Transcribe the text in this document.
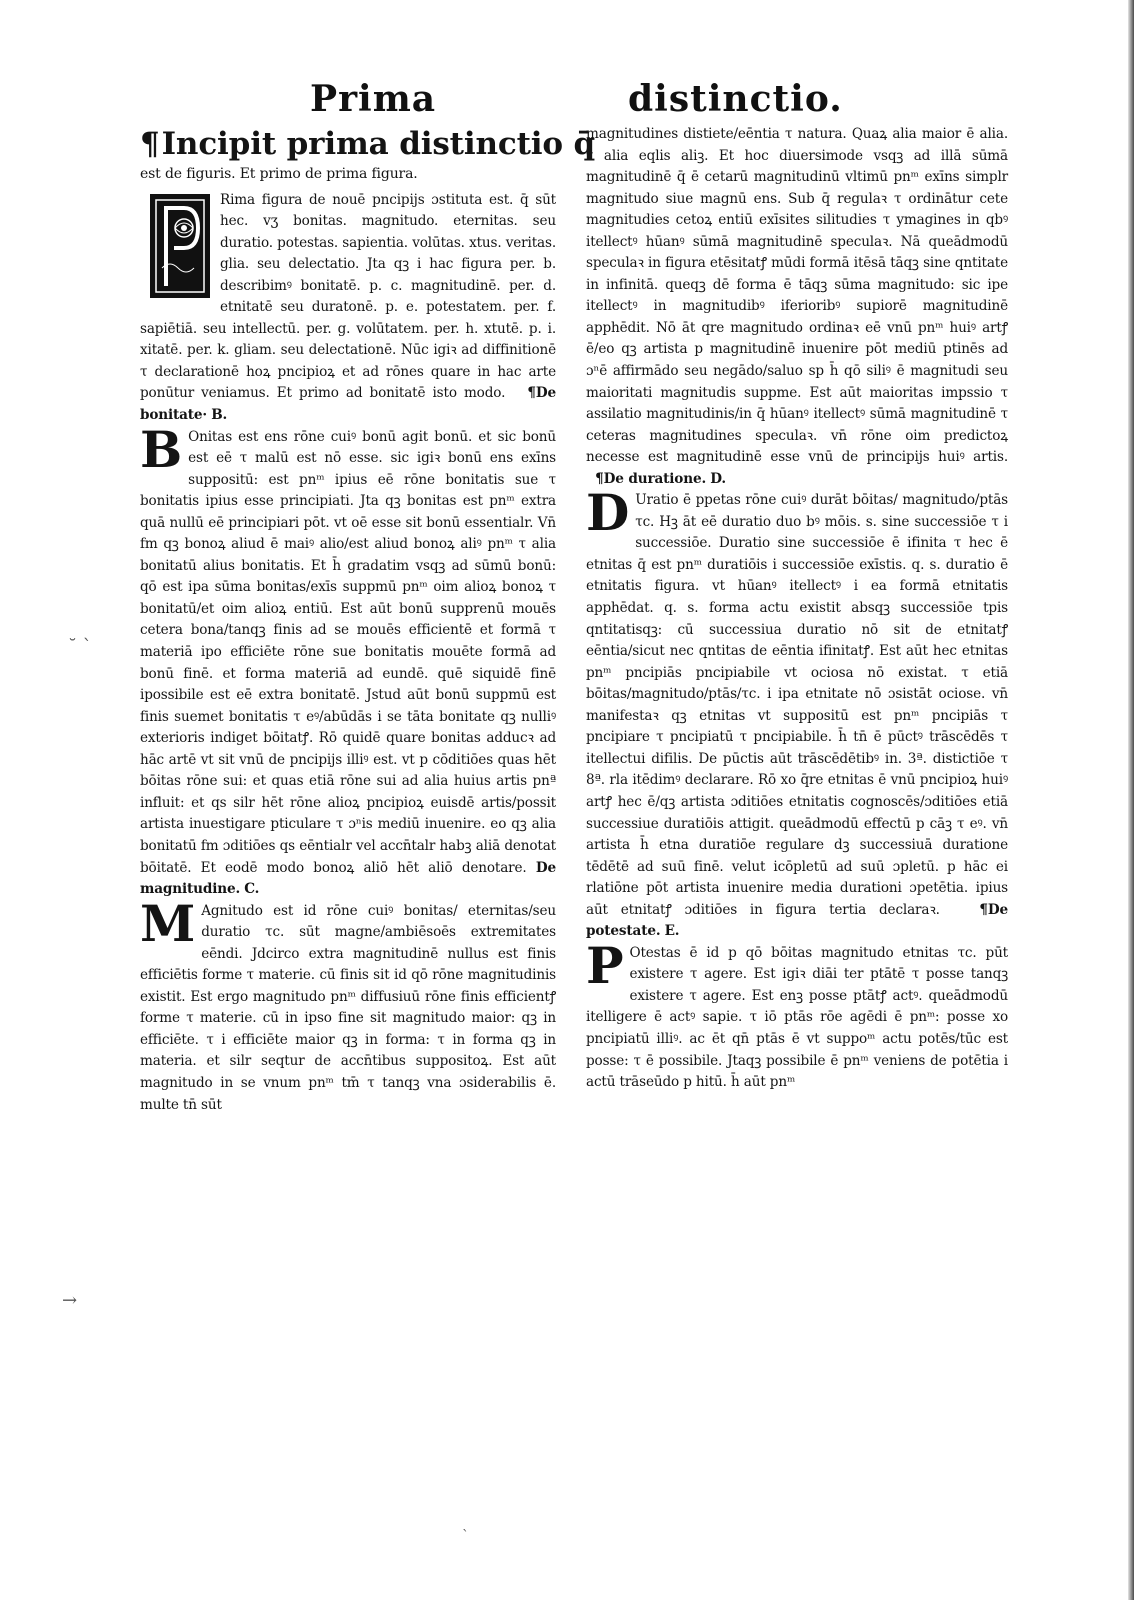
Prima	distinctio.

¶Incipit prima distinctio q̄

est de figuris. Et primo de prima figura.

Rima figura de nouē pncipijs ɔstituta est. q̄ sūt hec. vʒ bonitas. magnitudo. eternitas. seu duratio. potestas. sapientia. volūtas. xtus. veritas. glia. seu delectatio. Jta qꝫ i hac figura per. b. describimꝰ bonitatē. p. c. magnitudinē. per. d. etnitatē seu duratonē. p. e. potestatem. per. f. sapiētiā. seu intellectū. per. g. volūtatem. per. h. xtutē. p. i. xitatē. per. k. gliam. seu delectationē. Nūc igiꝛ ad diffinitionē τ declarationē hoꝝ pncipioꝝ et ad rōnes quare in hac arte ponūtur veniamus. Et primo ad bonitatē isto modo. ¶De bonitate· B.

B Onitas est ens rōne cuiꝰ bonū agit bonū. et sic bonū est eē τ malū est nō esse. sic igiꝛ bonū ens exīns suppositū: est pnᵐ ipius eē rōne bonitatis sue τ bonitatis ipius esse principiati. Jta qꝫ bonitas est pnᵐ extra quā nullū eē principiari pōt. vt oē esse sit bonū essentialr. Vn̄ fm qꝫ bonoꝝ aliud ē maiꝰ alio/est aliud bonoꝝ aliꝰ pnᵐ τ alia bonitatū alius bonitatis. Et h̄ gradatim vsqꝫ ad sūmū bonū: qō est ipa sūma bonitas/exīs suppmū pnᵐ oim alioꝝ bonoꝝ τ bonitatū/et oim alioꝝ entiū. Est aūt bonū supprenū mouēs cetera bona/tanqꝫ finis ad se mouēs efficientē et formā τ materiā ipo efficiēte rōne sue bonitatis mouēte formā ad bonū finē. et forma materiā ad eundē. quē siquidē finē ipossibile est eē extra bonitatē. Jstud aūt bonū suppmū est finis suemet bonitatis τ eꝰ/abūdās i se tāta bonitate qꝫ nulliꝰ exterioris indiget bōitatꝭ. Rō quidē quare bonitas adducꝛ ad hāc artē vt sit vnū de pncipijs illiꝰ est. vt p cōditiōes quas hēt bōitas rōne sui: et quas etiā rōne sui ad alia huius artis pnª influit: et qs silr hēt rōne alioꝝ pncipioꝝ euisdē artis/possit artista inuestigare pticulare τ ɔⁿis mediū inuenire. eo qꝫ alia bonitatū fm ɔditiōes qs eēntialr vel accn̄talr habꝫ aliā denotat bōitatē. Et eodē modo bonoꝝ aliō hēt aliō denotare. De magnitudine. C.

M Agnitudo est id rōne cuiꝰ bonitas/ eternitas/seu duratio τc. sūt magne/ambiēsoēs extremitates eēndi. Jdcirco extra magnitudinē nullus est finis efficiētis forme τ materie. cū finis sit id qō rōne magnitudinis existit. Est ergo magnitudo pnᵐ diffusiuū rōne finis efficientꝭ forme τ materie. cū in ipso fine sit magnitudo maior: qꝫ in efficiēte. τ i efficiēte maior qꝫ in forma: τ in forma qꝫ in materia. et silr seqtur de accn̄tibus suppositoꝝ. Est aūt magnitudo in se vnum pnᵐ tm̄ τ tanqꝫ vna ɔsiderabilis ē. multe tn̄ sūt

magnitudines distiete/eēntia τ natura. Quaꝝ alia maior ē alia. τ alia eqlis aliꝫ. Et hoc diuersimode vsqꝫ ad illā sūmā magnitudinē q̄ ē cetarū magnitudinū vltimū pnᵐ exīns simplr magnitudo siue magnū ens. Sub q̄ regulaꝛ τ ordinātur cete magnitudies cetoꝝ entiū exīsites silitudies τ ymagines in qbꝰ itellectꝰ hūanꝰ sūmā magnitudinē speculaꝛ. Nā queādmodū speculaꝛ in figura etēsitatꝭ mūdi formā itēsā tāqꝫ sine qntitate in infinitā. queqꝫ dē forma ē tāqꝫ sūma magnitudo: sic ipe itellectꝰ in magnitudibꝰ iferioribꝰ supiorē magnitudinē apphēdit. Nō āt qre magnitudo ordinaꝛ eē vnū pnᵐ huiꝰ artꝭ ē/eo qꝫ artista p magnitudinē inuenire pōt mediū ptinēs ad ɔⁿē affirmādo seu negādo/saluo sp h̄ qō siliꝰ ē magnitudi seu maioritati magnitudis suppme. Est aūt maioritas impssio τ assilatio magnitudinis/in q̄ hūanꝰ itellectꝰ sūmā magnitudinē τ ceteras magnitudines speculaꝛ. vn̄ rōne oim predictoꝝ necesse est magnitudinē esse vnū de principijs huiꝰ artis.   ¶De duratione. D.

D Uratio ē ppetas rōne cuiꝰ durāt bōitas/ magnitudo/ptās τc. Hꝫ āt eē duratio duo bꝰ mōis. s. sine successiōe τ i successiōe. Duratio sine successiōe ē ifinita τ hec ē etnitas q̄ est pnᵐ duratiōis i successiōe exīstis. q. s. duratio ē etnitatis figura. vt hūanꝰ itellectꝰ i ea formā etnitatis apphēdat. q. s. forma actu existit absqꝫ successiōe tpis qntitatisqꝫ: cū successiua duratio nō sit de etnitatꝭ eēntia/sicut nec qntitas de eēntia ifinitatꝭ. Est aūt hec etnitas pnᵐ pncipiās pncipiabile vt ociosa nō existat. τ etiā bōitas/magnitudo/ptās/τc. i ipa etnitate nō ɔsistāt ociose. vn̄ manifestaꝛ qꝫ etnitas vt suppositū est pnᵐ pncipiās τ pncipiare τ pncipiatū τ pncipiabile. h̄ tn̄ ē pūctꝰ trāscēdēs τ itellectui difilis. De pūctis aūt trāscēdētibꝰ in. 3ª. distictiōe τ 8ª. rla itēdimꝰ declarare. Rō xo q̄re etnitas ē vnū pncipioꝝ huiꝰ artꝭ hec ē/qꝫ artista ɔditiōes etnitatis cognoscēs/ɔditiōes etiā successiue duratiōis attigit. queādmodū effectū p cāꝫ τ eꝰ. vn̄ artista h̄ etna duratiōe regulare dꝫ successiuā duratione tēdētē ad suū finē. velut icōpletū ad suū ɔpletū. p hāc ei rlatiōne pōt artista inuenire media durationi ɔpetētia. ipius aūt etnitatꝭ ɔditiōes in figura tertia declaraꝛ.	¶De potestate. E.

P Otestas ē id p qō bōitas magnitudo etnitas τc. pūt existere τ agere. Est igiꝛ diāi ter ptātē τ posse tanqꝫ existere τ agere. Est enꝫ posse ptātꝭ actꝰ. queādmodū itelligere ē actꝰ sapie. τ iō ptās rōe agēdi ē pnᵐ: posse xo pncipiatū illiꝰ. ac ēt qn̄ ptās ē vt suppoᵐ actu potēs/tūc est posse: τ ē possibile. Jtaqꝫ possibile ē pnᵐ veniens de potētia i actū trāseūdo p hitū. h̄ aūt pnᵐ

˘ ˋ
→
ˋ
